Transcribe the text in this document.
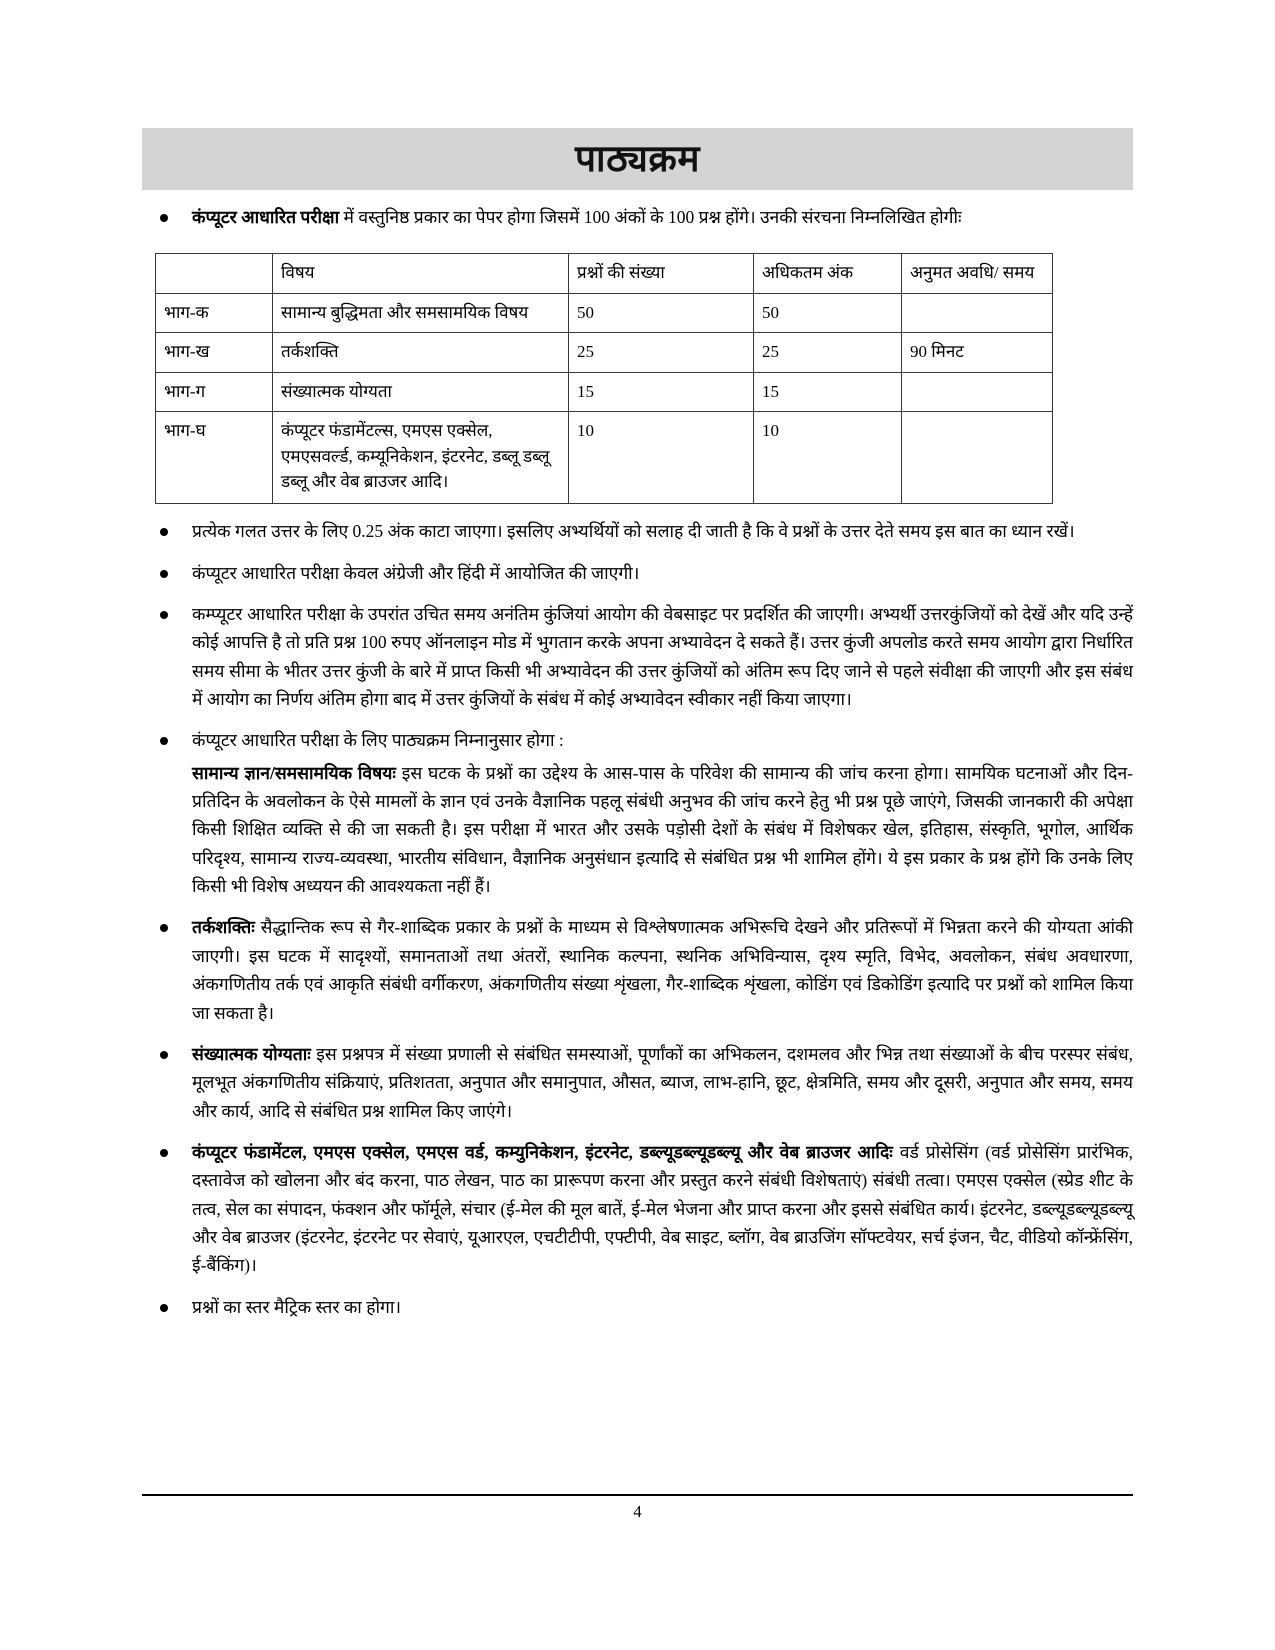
पाठ्यक्रम
कंप्यूटर आधारित परीक्षा में वस्तुनिष्ठ प्रकार का पेपर होगा जिसमें 100 अंकों के 100 प्रश्न होंगे। उनकी संरचना निम्नलिखित होगीः
	विषय	प्रश्नों की संख्या	अधिकतम अंक	अनुमत अवधि/ समय
भाग-क	सामान्य बुद्धिमता और समसामयिक विषय	50	50	
भाग-ख	तर्कशक्ति	25	25	90 मिनट
भाग-ग	संख्यात्मक योग्यता	15	15	
भाग-घ	कंप्यूटर फंडामेंटल्स, एमएस एक्सेल, एमएसवर्ल्ड, कम्यूनिकेशन, इंटरनेट, डब्लू डब्लू डब्लू और वेब ब्राउजर आदि।	10	10	
प्रत्येक गलत उत्तर के लिए 0.25 अंक काटा जाएगा। इसलिए अभ्यर्थियों को सलाह दी जाती है कि वे प्रश्नों के उत्तर देते समय इस बात का ध्यान रखें।
कंप्यूटर आधारित परीक्षा केवल अंग्रेजी और हिंदी में आयोजित की जाएगी।
कम्प्यूटर आधारित परीक्षा के उपरांत उचित समय अनंतिम कुंजियां आयोग की वेबसाइट पर प्रदर्शित की जाएगी। अभ्यर्थी उत्तरकुंजियों को देखें और यदि उन्हें कोई आपत्ति है तो प्रति प्रश्न 100 रुपए ऑनलाइन मोड में भुगतान करके अपना अभ्यावेदन दे सकते हैं। उत्तर कुंजी अपलोड करते समय आयोग द्वारा निर्धारित समय सीमा के भीतर उत्तर कुंजी के बारे में प्राप्त किसी भी अभ्यावेदन की उत्तर कुंजियों को अंतिम रूप दिए जाने से पहले संवीक्षा की जाएगी और इस संबंध में आयोग का निर्णय अंतिम होगा बाद में उत्तर कुंजियों के संबंध में कोई अभ्यावेदन स्वीकार नहीं किया जाएगा।
कंप्यूटर आधारित परीक्षा के लिए पाठ्यक्रम निम्नानुसार होगा :
सामान्य ज्ञान/समसामयिक विषयः इस घटक के प्रश्नों का उद्देश्य के आस-पास के परिवेश की सामान्य की जांच करना होगा। सामयिक घटनाओं और दिन-प्रतिदिन के अवलोकन के ऐसे मामलों के ज्ञान एवं उनके वैज्ञानिक पहलू संबंधी अनुभव की जांच करने हेतु भी प्रश्न पूछे जाएंगे, जिसकी जानकारी की अपेक्षा किसी शिक्षित व्यक्ति से की जा सकती है। इस परीक्षा में भारत और उसके पड़ोसी देशों के संबंध में विशेषकर खेल, इतिहास, संस्कृति, भूगोल, आर्थिक परिदृश्य, सामान्य राज्य-व्यवस्था, भारतीय संविधान, वैज्ञानिक अनुसंधान इत्यादि से संबंधित प्रश्न भी शामिल होंगे। ये इस प्रकार के प्रश्न होंगे कि उनके लिए किसी भी विशेष अध्ययन की आवश्यकता नहीं हैं।
तर्कशक्तिः सैद्धान्तिक रूप से गैर-शाब्दिक प्रकार के प्रश्नों के माध्यम से विश्लेषणात्मक अभिरूचि देखने और प्रतिरूपों में भिन्नता करने की योग्यता आंकी जाएगी। इस घटक में सादृश्यों, समानताओं तथा अंतरों, स्थानिक कल्पना, स्थनिक अभिविन्यास, दृश्य स्मृति, विभेद, अवलोकन, संबंध अवधारणा, अंकगणितीय तर्क एवं आकृति संबंधी वर्गीकरण, अंकगणितीय संख्या शृंखला, गैर-शाब्दिक शृंखला, कोडिंग एवं डिकोडिंग इत्यादि पर प्रश्नों को शामिल किया जा सकता है।
संख्यात्मक योग्यताः इस प्रश्नपत्र में संख्या प्रणाली से संबंधित समस्याओं, पूर्णांकों का अभिकलन, दशमलव और भिन्न तथा संख्याओं के बीच परस्पर संबंध, मूलभूत अंकगणितीय संक्रियाएं, प्रतिशतता, अनुपात और समानुपात, औसत, ब्याज, लाभ-हानि, छूट, क्षेत्रमिति, समय और दूसरी, अनुपात और समय, समय और कार्य, आदि से संबंधित प्रश्न शामिल किए जाएंगे।
कंप्यूटर फंडामेंटल, एमएस एक्सेल, एमएस वर्ड, कम्युनिकेशन, इंटरनेट, डब्ल्यूडब्ल्यूडब्ल्यू और वेब ब्राउजर आदिः वर्ड प्रोसेसिंग (वर्ड प्रोसेसिंग प्रारंभिक, दस्तावेज को खोलना और बंद करना, पाठ लेखन, पाठ का प्रारूपण करना और प्रस्तुत करने संबंधी विशेषताएं) संबंधी तत्वा। एमएस एक्सेल (स्प्रेड शीट के तत्व, सेल का संपादन, फंक्शन और फॉर्मूले, संचार (ई-मेल की मूल बातें, ई-मेल भेजना और प्राप्त करना और इससे संबंधित कार्य। इंटरनेट, डब्ल्यूडब्ल्यूडब्ल्यू और वेब ब्राउजर (इंटरनेट, इंटरनेट पर सेवाएं, यूआरएल, एचटीटीपी, एफ्टीपी, वेब साइट, ब्लॉग, वेब ब्राउजिंग सॉफ्टवेयर, सर्च इंजन, चैट, वीडियो कॉन्फ्रेंसिंग, ई-बैंकिंग)।
प्रश्नों का स्तर मैट्रिक स्तर का होगा।
4
